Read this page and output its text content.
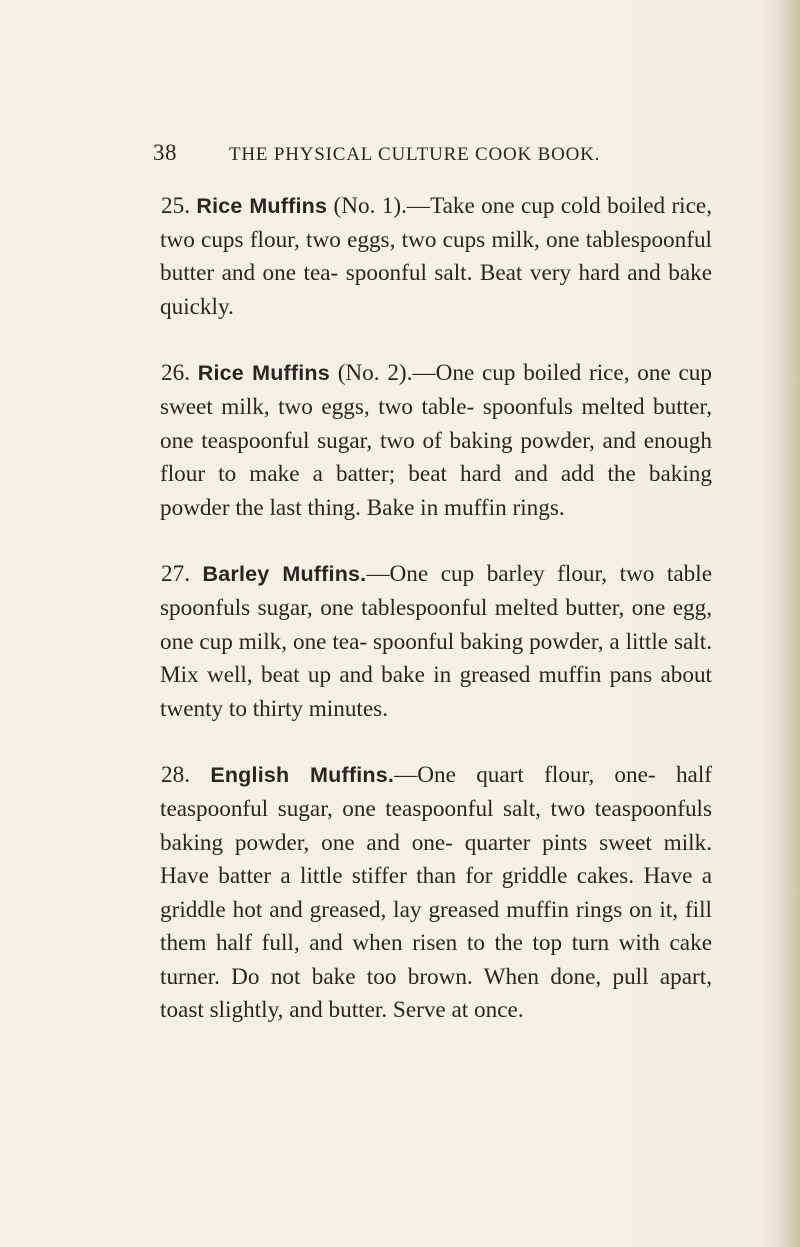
38	THE PHYSICAL CULTURE COOK BOOK.

25. Rice Muffins (No. 1).—Take one cup cold boiled rice, two cups flour, two eggs, two cups milk, one tablespoonful butter and one tea- spoonful salt. Beat very hard and bake quickly.

26. Rice Muffins (No. 2).—One cup boiled rice, one cup sweet milk, two eggs, two table- spoonfuls melted butter, one teaspoonful sugar, two of baking powder, and enough flour to make a batter; beat hard and add the baking powder the last thing. Bake in muffin rings.

27. Barley Muffins.—One cup barley flour, two table spoonfuls sugar, one tablespoonful melted butter, one egg, one cup milk, one tea- spoonful baking powder, a little salt. Mix well, beat up and bake in greased muffin pans about twenty to thirty minutes.

28. English Muffins.—One quart flour, one- half teaspoonful sugar, one teaspoonful salt, two teaspoonfuls baking powder, one and one- quarter pints sweet milk. Have batter a little stiffer than for griddle cakes. Have a griddle hot and greased, lay greased muffin rings on it, fill them half full, and when risen to the top turn with cake turner. Do not bake too brown. When done, pull apart, toast slightly, and butter. Serve at once.
